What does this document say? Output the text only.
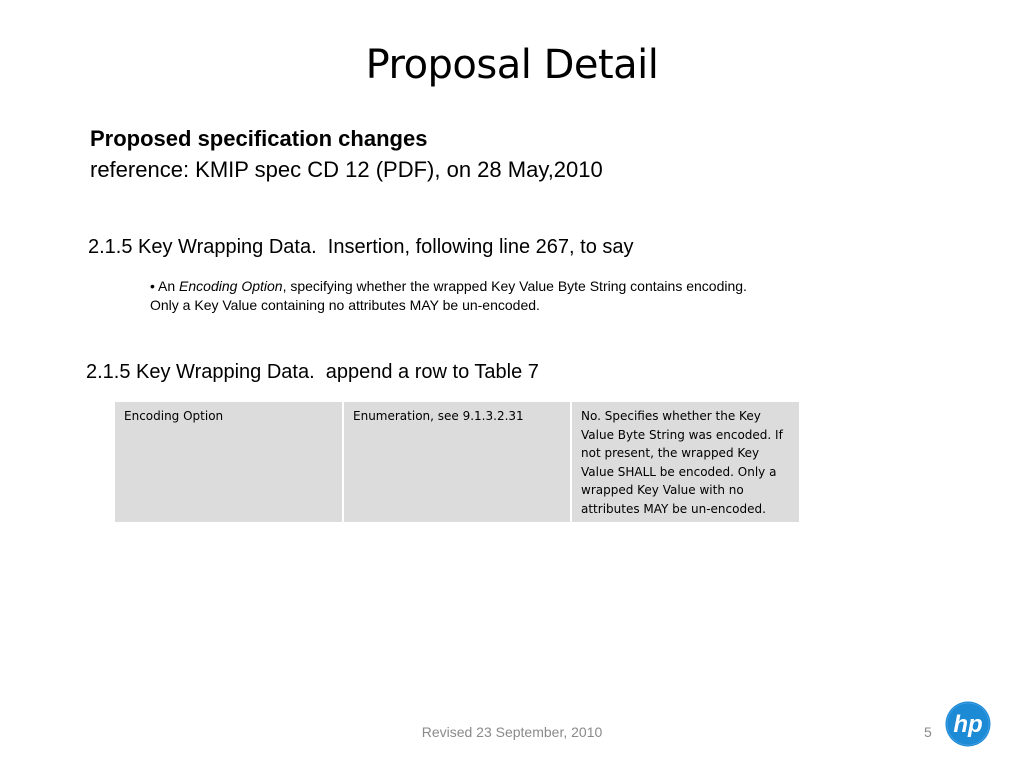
Proposal Detail
Proposed specification changes
reference: KMIP spec CD 12 (PDF), on 28 May,2010
2.1.5 Key Wrapping Data.  Insertion, following line 267, to say
• An Encoding Option, specifying whether the wrapped Key Value Byte String contains encoding. Only a Key Value containing no attributes MAY be un-encoded.
2.1.5 Key Wrapping Data.  append a row to Table 7
Encoding Option	Enumeration, see 9.1.3.2.31	No. Specifies whether the Key Value Byte String was encoded. If not present, the wrapped Key Value SHALL be encoded. Only a wrapped Key Value with no attributes MAY be un-encoded.
Revised 23 September, 2010	5 hp
